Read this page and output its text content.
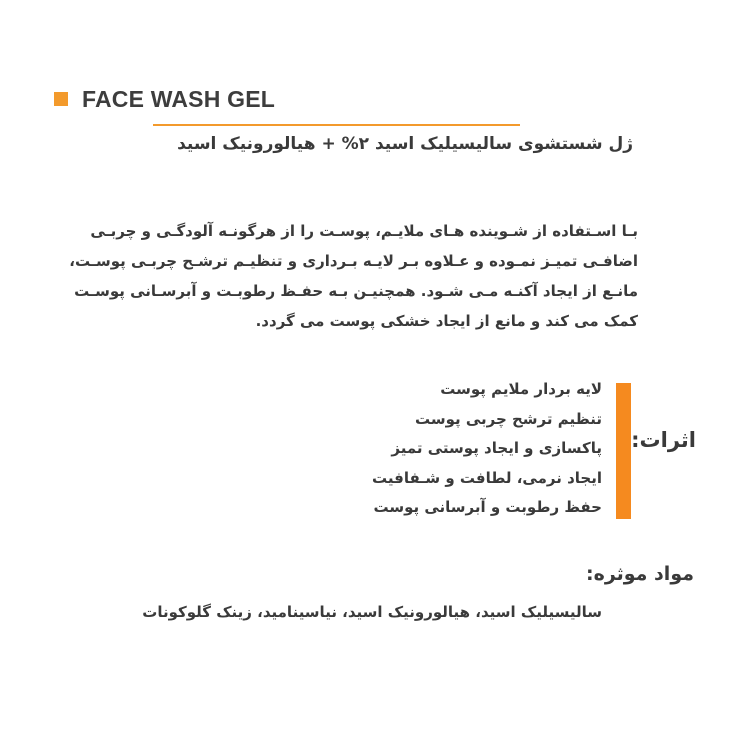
FACE WASH GEL
ژل شستشوی سالیسیلیک اسید ۲% + هیالورونیک اسید
بـا اسـتفاده از شـوینده هـای ملایـم، پوسـت را از هرگونـه آلودگـی و چربـی
اضافـی تمیـز نمـوده و عـلاوه بـر لایـه بـرداری و تنظیـم ترشـح چربـی پوسـت،
مانـع از ایجاد آکنـه مـی شـود. همچنیـن بـه حفـظ رطوبـت و آبرسـانی پوسـت
کمک می کند و مانع از ایجاد خشکی پوست می گردد.
اثرات:
لایه بردار ملایم پوست
تنظیم ترشح چربی پوست
پاکسازی و ایجاد پوستی تمیز
ایجاد نرمی، لطافت و شـفافیت
حفظ رطوبت و آبرسانی پوست
مواد موثره:
سالیسیلیک اسید، هیالورونیک اسید، نیاسینامید، زینک گلوکونات
